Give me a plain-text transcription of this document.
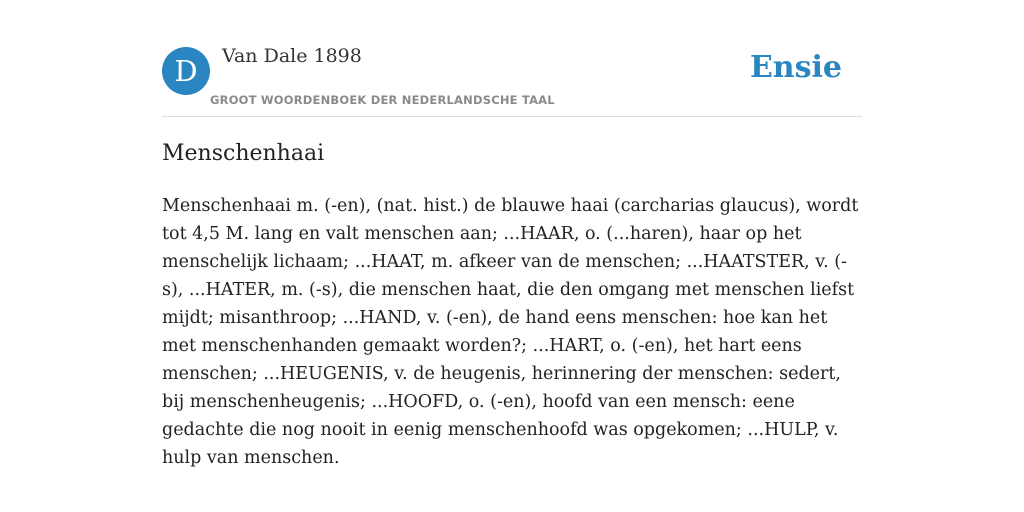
D	Van Dale 1898
GROOT WOORDENBOEK DER NEDERLANDSCHE TAAL
Ensie
Menschenhaai

Menschenhaai m. (-en), (nat. hist.) de blauwe haai (carcharias glaucus), wordt tot 4,5 M. lang en valt menschen aan; ...HAAR, o. (...haren), haar op het menschelijk lichaam; ...HAAT, m. afkeer van de menschen; ...HAATSTER, v. (-s), ...HATER, m. (-s), die menschen haat, die den omgang met menschen liefst mijdt; misanthroop; ...HAND, v. (-en), de hand eens menschen: hoe kan het met menschenhanden gemaakt worden?; ...HART, o. (-en), het hart eens menschen; ...HEUGENIS, v. de heugenis, herinnering der menschen: sedert, bij menschenheugenis; ...HOOFD, o. (-en), hoofd van een mensch: eene gedachte die nog nooit in eenig menschenhoofd was opgekomen; ...HULP, v. hulp van menschen.
